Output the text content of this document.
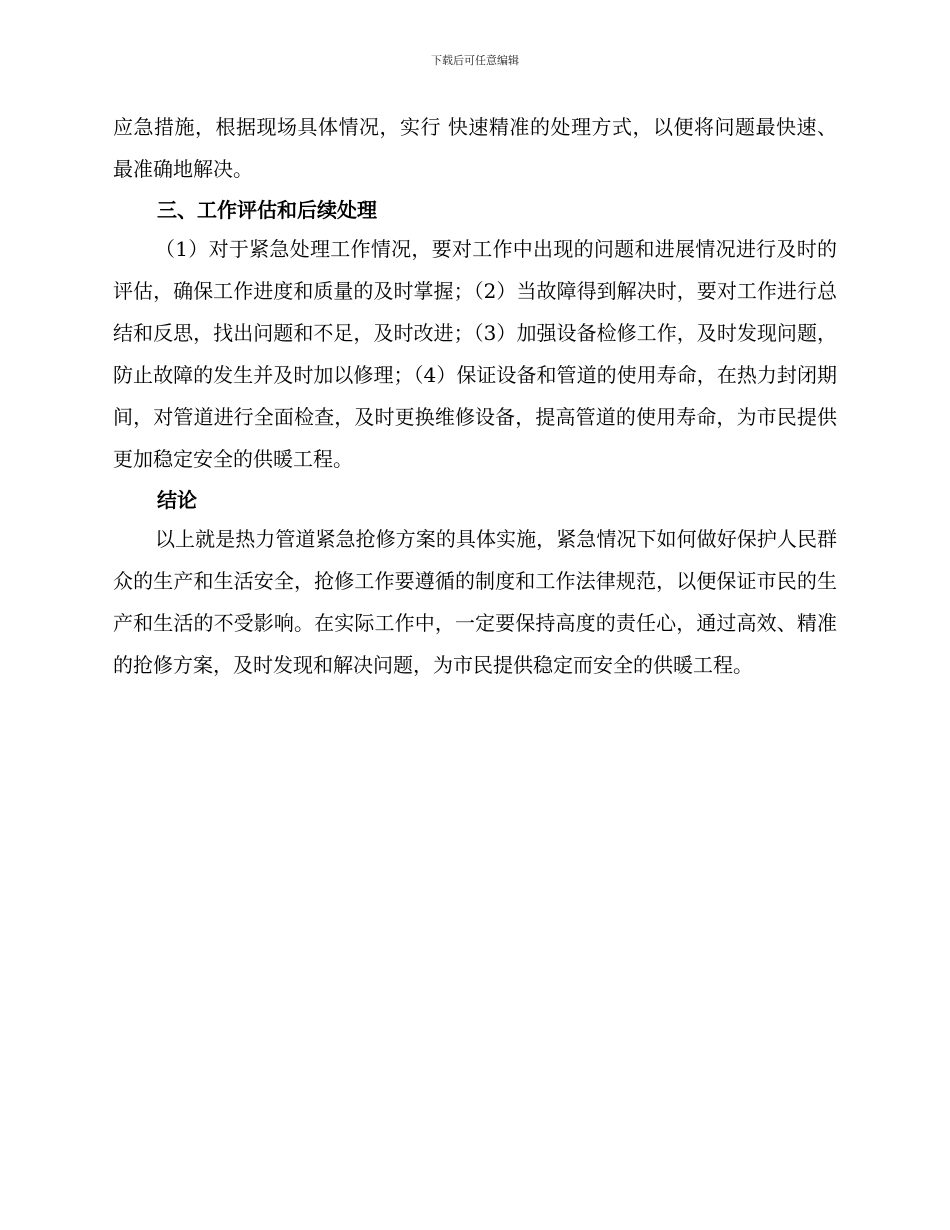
下载后可任意编辑

应急措施，根据现场具体情况，实行 快速精准的处理方式，以便将问题最快速、最准确地解决。

三、工作评估和后续处理

（1）对于紧急处理工作情况，要对工作中出现的问题和进展情况进行及时的评估，确保工作进度和质量的及时掌握；（2）当故障得到解决时，要对工作进行总结和反思，找出问题和不足，及时改进；（3）加强设备检修工作，及时发现问题，防止故障的发生并及时加以修理；（4）保证设备和管道的使用寿命，在热力封闭期间，对管道进行全面检查，及时更换维修设备，提高管道的使用寿命，为市民提供更加稳定安全的供暖工程。

结论

以上就是热力管道紧急抢修方案的具体实施，紧急情况下如何做好保护人民群众的生产和生活安全，抢修工作要遵循的制度和工作法律规范，以便保证市民的生产和生活的不受影响。在实际工作中，一定要保持高度的责任心，通过高效、精准的抢修方案，及时发现和解决问题，为市民提供稳定而安全的供暖工程。
